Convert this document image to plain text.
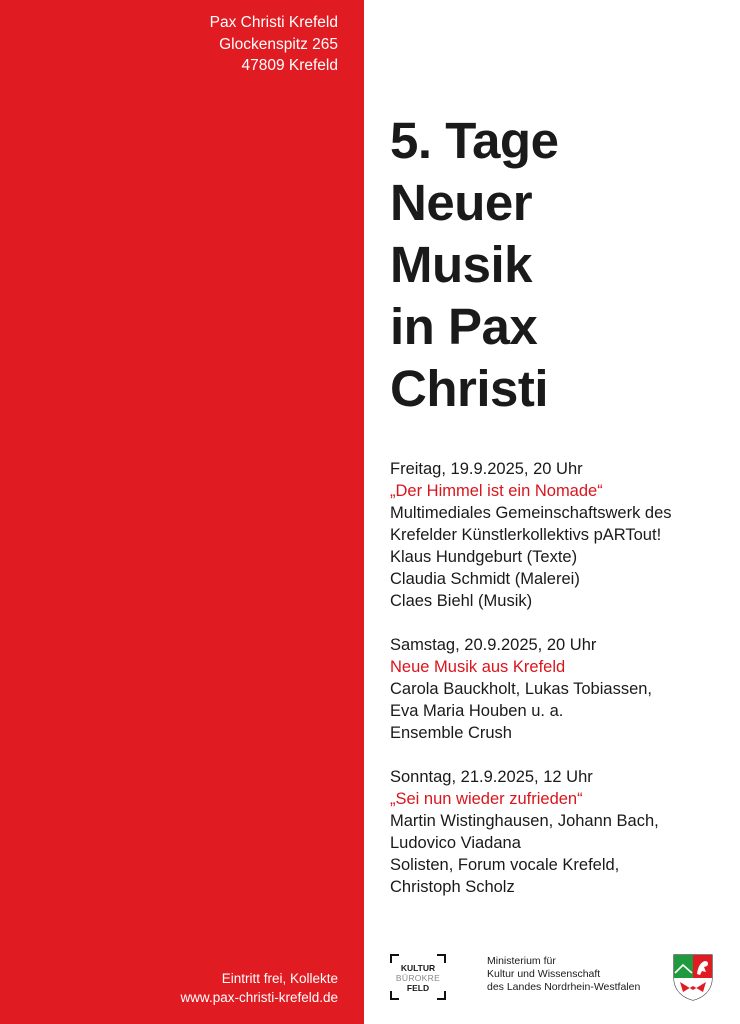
Pax Christi Krefeld
Glockenspitz 265
47809 Krefeld
Eintritt frei, Kollekte
www.pax-christi-krefeld.de
5. Tage
Neuer
Musik
in Pax
Christi
Freitag, 19.9.2025, 20 Uhr
„Der Himmel ist ein Nomade“
Multimediales Gemeinschaftswerk des
Krefelder Künstlerkollektivs pARTout!
Klaus Hundgeburt (Texte)
Claudia Schmidt (Malerei)
Claes Biehl (Musik)
Samstag, 20.9.2025, 20 Uhr
Neue Musik aus Krefeld
Carola Bauckholt, Lukas Tobiassen,
Eva Maria Houben u. a.
Ensemble Crush
Sonntag, 21.9.2025, 12 Uhr
„Sei nun wieder zufrieden“
Martin Wistinghausen, Johann Bach,
Ludovico Viadana
Solisten, Forum vocale Krefeld,
Christoph Scholz
KULTUR
BÜROKRE
FELD
Ministerium für
Kultur und Wissenschaft
des Landes Nordrhein-Westfalen
